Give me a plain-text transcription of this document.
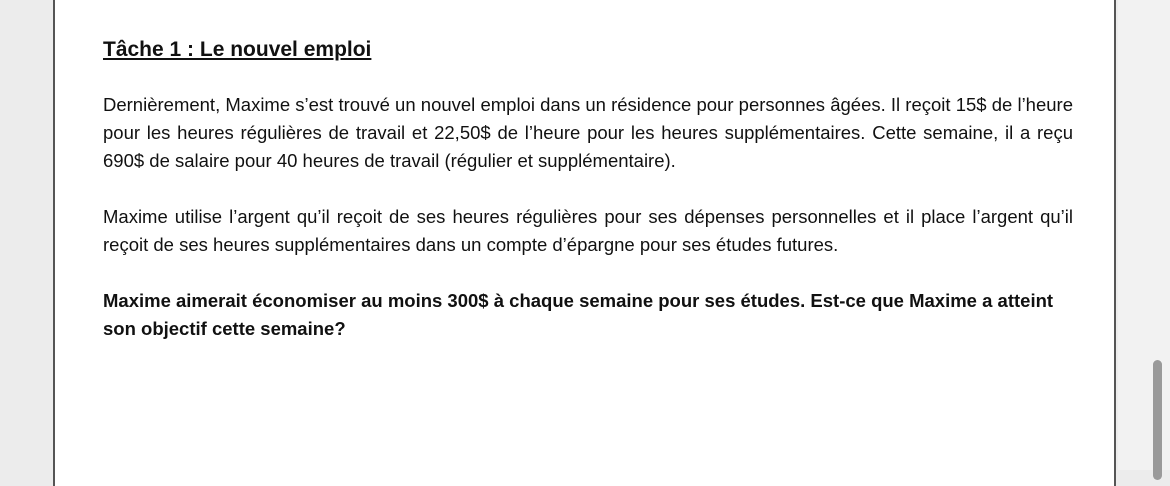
Tâche 1 : Le nouvel emploi

Dernièrement, Maxime s’est trouvé un nouvel emploi dans un résidence pour personnes âgées. Il reçoit 15$ de l’heure pour les heures régulières de travail et 22,50$ de l’heure pour les heures supplémentaires. Cette semaine, il a reçu 690$ de salaire pour 40 heures de travail (régulier et supplémentaire).

Maxime utilise l’argent qu’il reçoit de ses heures régulières pour ses dépenses personnelles et il place l’argent qu’il reçoit de ses heures supplémentaires dans un compte d’épargne pour ses études futures.

Maxime aimerait économiser au moins 300$ à chaque semaine pour ses études. Est-ce que Maxime a atteint son objectif cette semaine?
